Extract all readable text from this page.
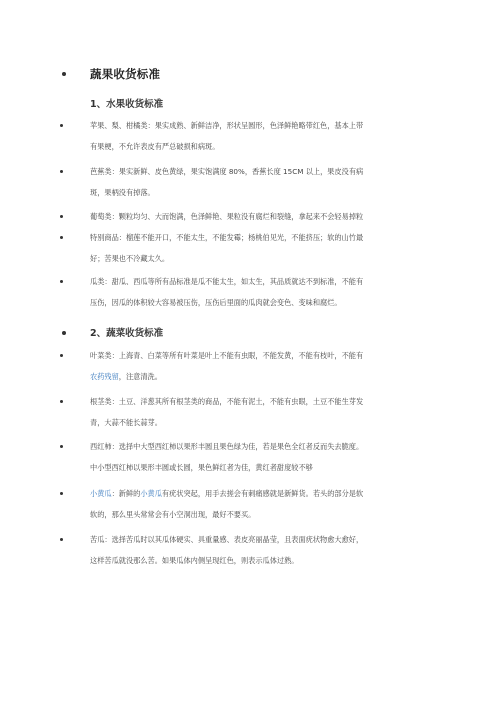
蔬果收货标准
1、水果收货标准
苹果、梨、柑橘类：果实成熟、新鲜洁净，形状呈圆形，色泽鲜艳略带红色，基本上带
有果梗，不允许表皮有严总破损和病斑。
芭蕉类：果实新鲜、皮色黄绿，果实饱满度 80%，香蕉长度 15CM 以上，果皮没有病
斑，果柄没有掉落。
葡萄类：颗粒均匀、大而饱满，色泽鲜艳、果粒没有腐烂和裂缝，拿起来不会轻易掉粒
特别商品：榴莲不能开口，不能太生，不能发霉；杨桃伯见光，不能挤压；软的山竹最
好；苦果也不冷藏太久。
瓜类：甜瓜、西瓜等所有品标准是瓜不能太生，如太生，其品质就达不到标准，不能有
压伤，因瓜的体积较大容易被压伤，压伤后里面的瓜肉就会变色、变味和腐烂。
2、蔬菜收货标准
叶菜类：上海青、白菜等所有叶菜是叶上不能有虫眼，不能发黄，不能有枝叶，不能有
农药残留，注意清洗。
根茎类：土豆、洋葱其所有根茎类的商品，不能有泥土，不能有虫眼，土豆不能生芽发
青，大蒜不能长蒜芽。
西红柿：选择中大型西红柿以果形丰圆且果色绿为佳，若是果色全红者反而失去脆度。
中小型西红柿以果形丰圆或长圆，果色鲜红者为佳，黄红者甜度较不够
小黄瓜：新鲜的小黄瓜有疣状突起，用手去搓会有刺痛感就是新鲜货。若头的部分是软
软的，那么里头常常会有小空洞出现，最好不要买。
苦瓜：选择苦瓜时以其瓜体硬实、具重量感、表皮亮丽晶莹，且表面疣状物愈大愈好，
这样苦瓜就没那么苦。如果瓜体内侧呈现红色，则表示瓜体过熟。
